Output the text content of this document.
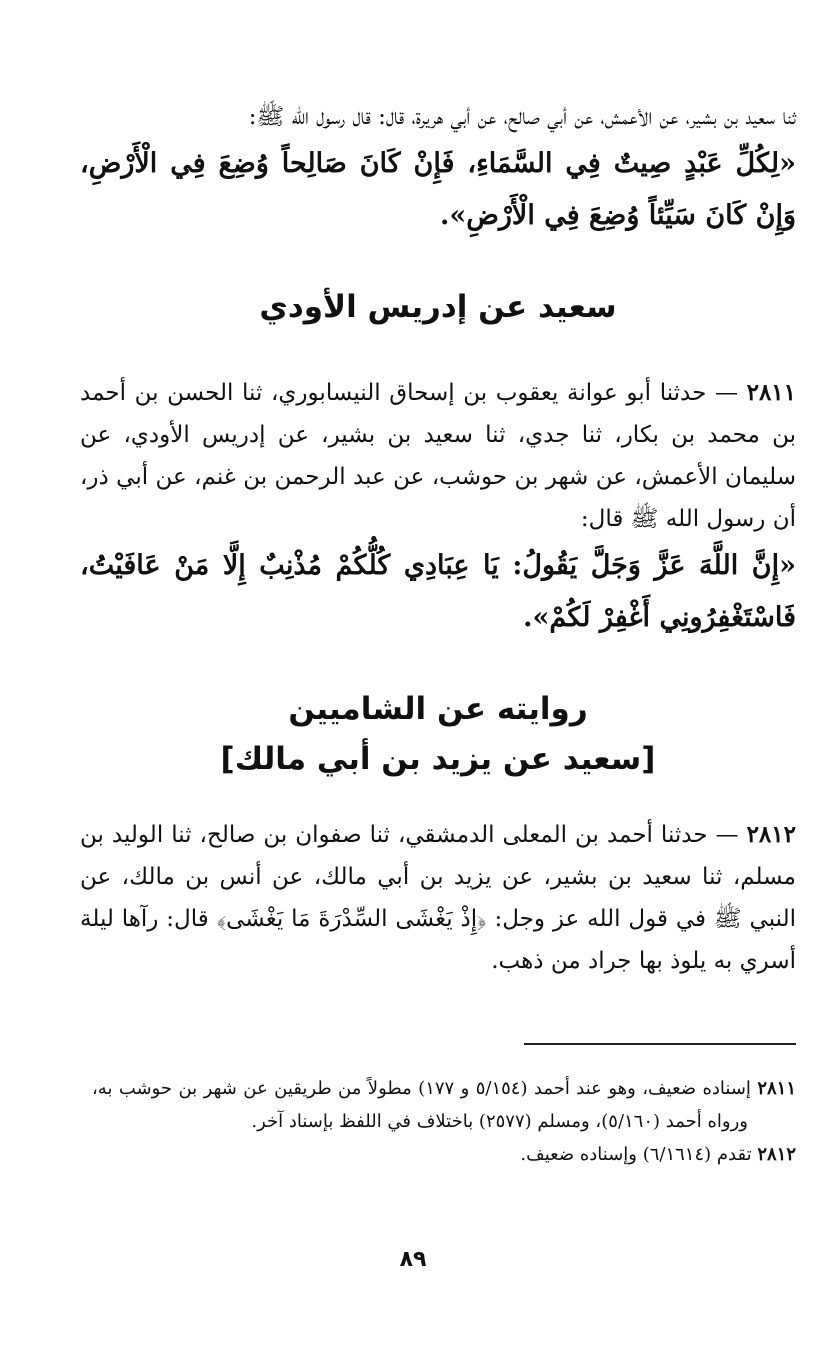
ثنا سعيد بن بشير، عن الأعمش، عن أبي صالح، عن أبي هريرة، قال: قال رسول الله ﷺ:

«لِكُلِّ عَبْدٍ صِيتٌ فِي السَّمَاءِ، فَإِنْ كَانَ صَالِحاً وُضِعَ فِي الْأَرْضِ، وَإِنْ كَانَ سَيِّئاً وُضِعَ فِي الْأَرْضِ».

سعيد عن إدريس الأودي

٢٨١١ — حدثنا أبو عوانة يعقوب بن إسحاق النيسابوري، ثنا الحسن بن أحمد بن محمد بن بكار، ثنا جدي، ثنا سعيد بن بشير، عن إدريس الأودي، عن سليمان الأعمش، عن شهر بن حوشب، عن عبد الرحمن بن غنم، عن أبي ذر، أن رسول الله ﷺ قال:

«إِنَّ اللَّهَ عَزَّ وَجَلَّ يَقُولُ: يَا عِبَادِي كُلُّكُمْ مُذْنِبٌ إِلَّا مَنْ عَافَيْتُ، فَاسْتَغْفِرُونِي أَغْفِرْ لَكُمْ».

روايته عن الشاميين
[سعيد عن يزيد بن أبي مالك]

٢٨١٢ — حدثنا أحمد بن المعلى الدمشقي، ثنا صفوان بن صالح، ثنا الوليد بن مسلم، ثنا سعيد بن بشير، عن يزيد بن أبي مالك، عن أنس بن مالك، عن النبي ﷺ في قول الله عز وجل: ﴿إِذْ يَغْشَى السِّدْرَةَ مَا يَغْشَى﴾ قال: رآها ليلة أسري به يلوذ بها جراد من ذهب.

٢٨١١ إسناده ضعيف، وهو عند أحمد (٥/١٥٤ و ١٧٧) مطولاً من طريقين عن شهر بن حوشب به، ورواه أحمد (٥/١٦٠)، ومسلم (٢٥٧٧) باختلاف في اللفظ بإسناد آخر.

٢٨١٢ تقدم (٦/١٦١٤) وإسناده ضعيف.

٨٩
